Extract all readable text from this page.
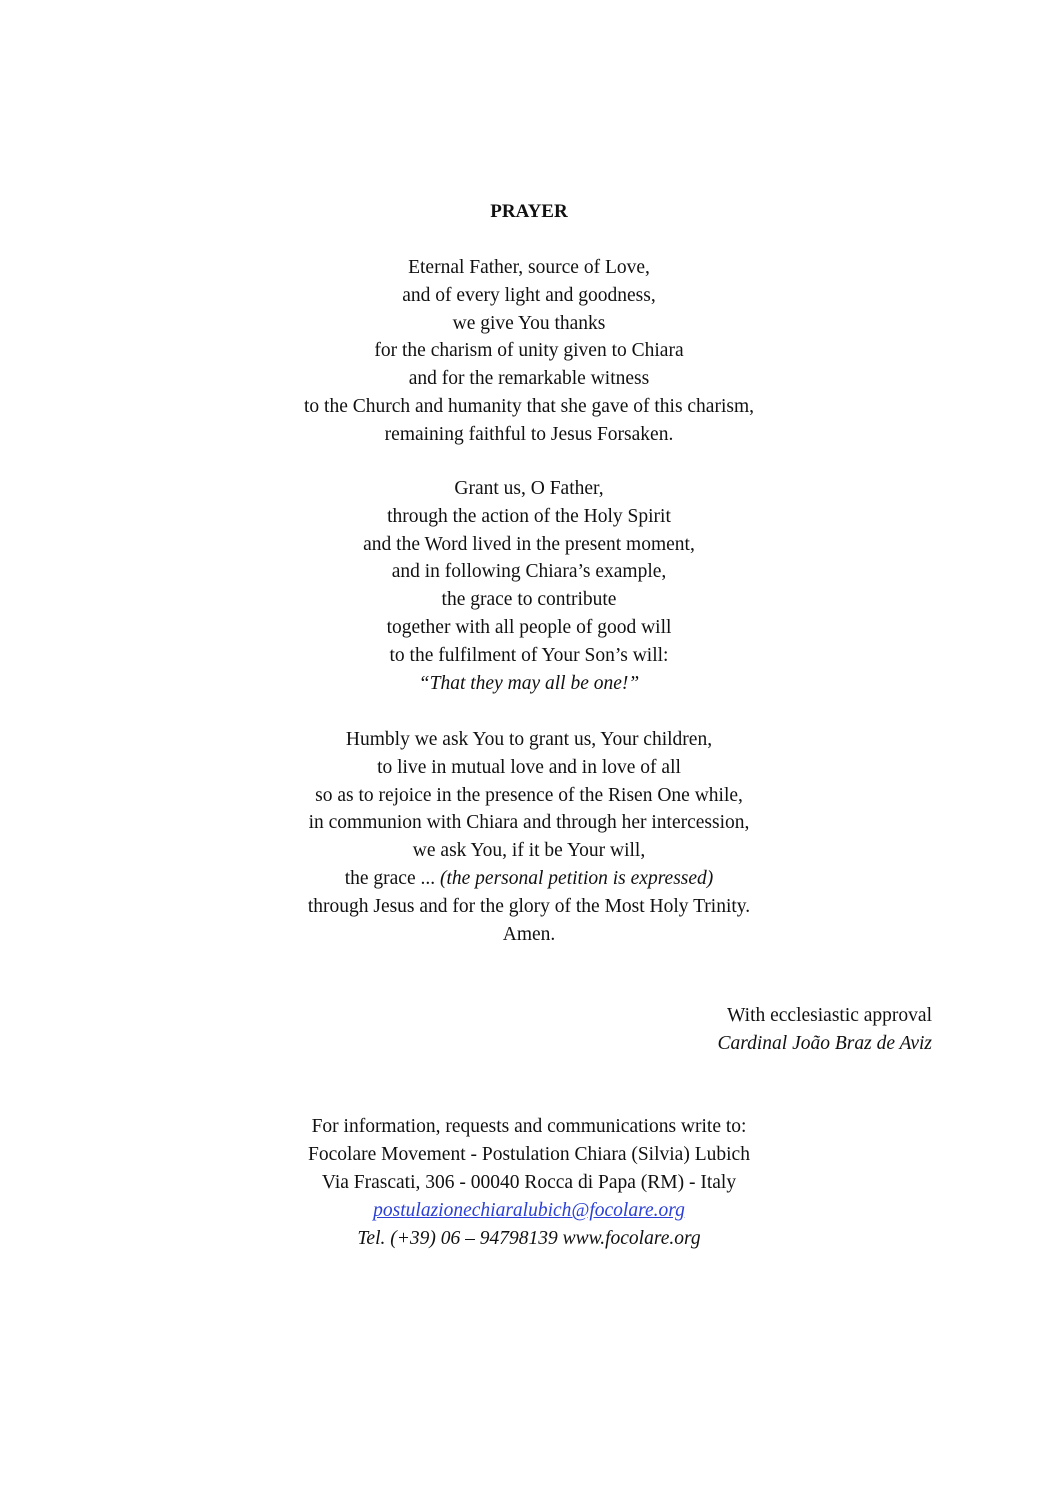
PRAYER
Eternal Father, source of Love,
and of every light and goodness,
we give You thanks
for the charism of unity given to Chiara
and for the remarkable witness
to the Church and humanity that she gave of this charism,
remaining faithful to Jesus Forsaken.
Grant us, O Father,
through the action of the Holy Spirit
and the Word lived in the present moment,
and in following Chiara’s example,
the grace to contribute
together with all people of good will
to the fulfilment of Your Son’s will:
“That they may all be one!”
Humbly we ask You to grant us, Your children,
to live in mutual love and in love of all
so as to rejoice in the presence of the Risen One while,
in communion with Chiara and through her intercession,
we ask You, if it be Your will,
the grace ... (the personal petition is expressed)
through Jesus and for the glory of the Most Holy Trinity.
Amen.
With ecclesiastic approval
Cardinal João Braz de Aviz
For information, requests and communications write to:
Focolare Movement - Postulation Chiara (Silvia) Lubich
Via Frascati, 306 - 00040 Rocca di Papa (RM) - Italy
postulazionechiaralubich@focolare.org
Tel. (+39) 06 – 94798139 www.focolare.org
